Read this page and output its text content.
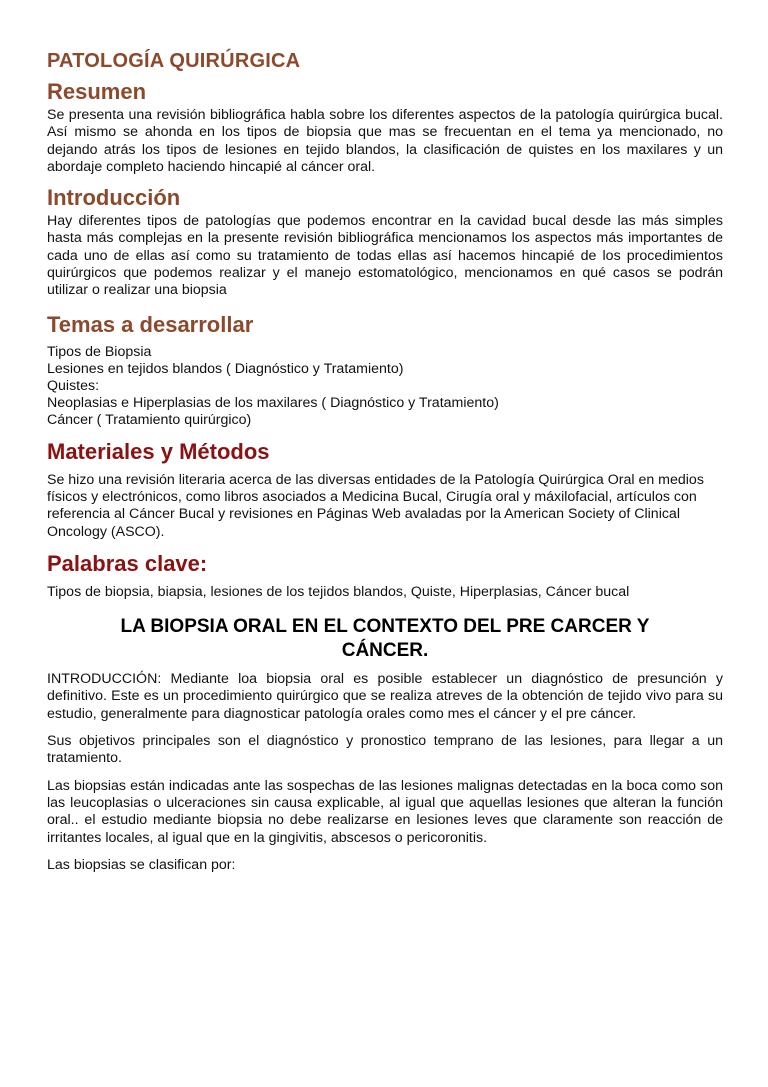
PATOLOGÍA QUIRÚRGICA
Resumen

Se presenta una revisión bibliográfica habla sobre los diferentes aspectos de la patología quirúrgica bucal. Así mismo se ahonda en los tipos de biopsia que mas se frecuentan en el tema ya mencionado, no dejando atrás los tipos de lesiones en tejido blandos, la clasificación de quistes en los maxilares y un abordaje completo haciendo hincapié al cáncer oral.

Introducción

Hay diferentes tipos de patologías que podemos encontrar en la cavidad bucal desde las más simples hasta más complejas en la presente revisión bibliográfica mencionamos los aspectos más importantes de cada uno de ellas así como su tratamiento de todas ellas así hacemos hincapié de los procedimientos quirúrgicos que podemos realizar y el manejo estomatológico, mencionamos en qué casos se podrán utilizar o realizar una biopsia

Temas a desarrollar
Tipos de Biopsia
Lesiones en tejidos blandos ( Diagnóstico y Tratamiento)
Quistes:
Neoplasias e Hiperplasias de los maxilares ( Diagnóstico y Tratamiento)
Cáncer ( Tratamiento quirúrgico)
Materiales y Métodos

Se hizo una revisión literaria acerca de las diversas entidades de la Patología Quirúrgica Oral en medios físicos y electrónicos, como libros asociados a Medicina Bucal, Cirugía oral y máxilofacial, artículos con referencia al Cáncer Bucal y revisiones en Páginas Web avaladas por la American Society of Clinical Oncology (ASCO).

Palabras clave:

Tipos de biopsia, biapsia, lesiones de los tejidos blandos, Quiste, Hiperplasias, Cáncer bucal

LA BIOPSIA ORAL EN EL CONTEXTO DEL PRE CARCER Y CÁNCER.

INTRODUCCIÓN: Mediante loa biopsia oral es posible establecer un diagnóstico de presunción y definitivo. Este es un procedimiento quirúrgico que se realiza atreves de la obtención de tejido vivo para su estudio, generalmente para diagnosticar patología orales como mes el cáncer y el pre cáncer.

Sus objetivos principales son el diagnóstico y pronostico temprano de las lesiones, para llegar a un tratamiento.

Las biopsias están indicadas ante las sospechas de las lesiones malignas detectadas en la boca como son las leucoplasias o ulceraciones sin causa explicable, al igual que aquellas lesiones que alteran la función oral.. el estudio mediante biopsia no debe realizarse en lesiones leves que claramente son reacción de irritantes locales, al igual que en la gingivitis, abscesos o pericoronitis.

Las biopsias se clasifican por:
